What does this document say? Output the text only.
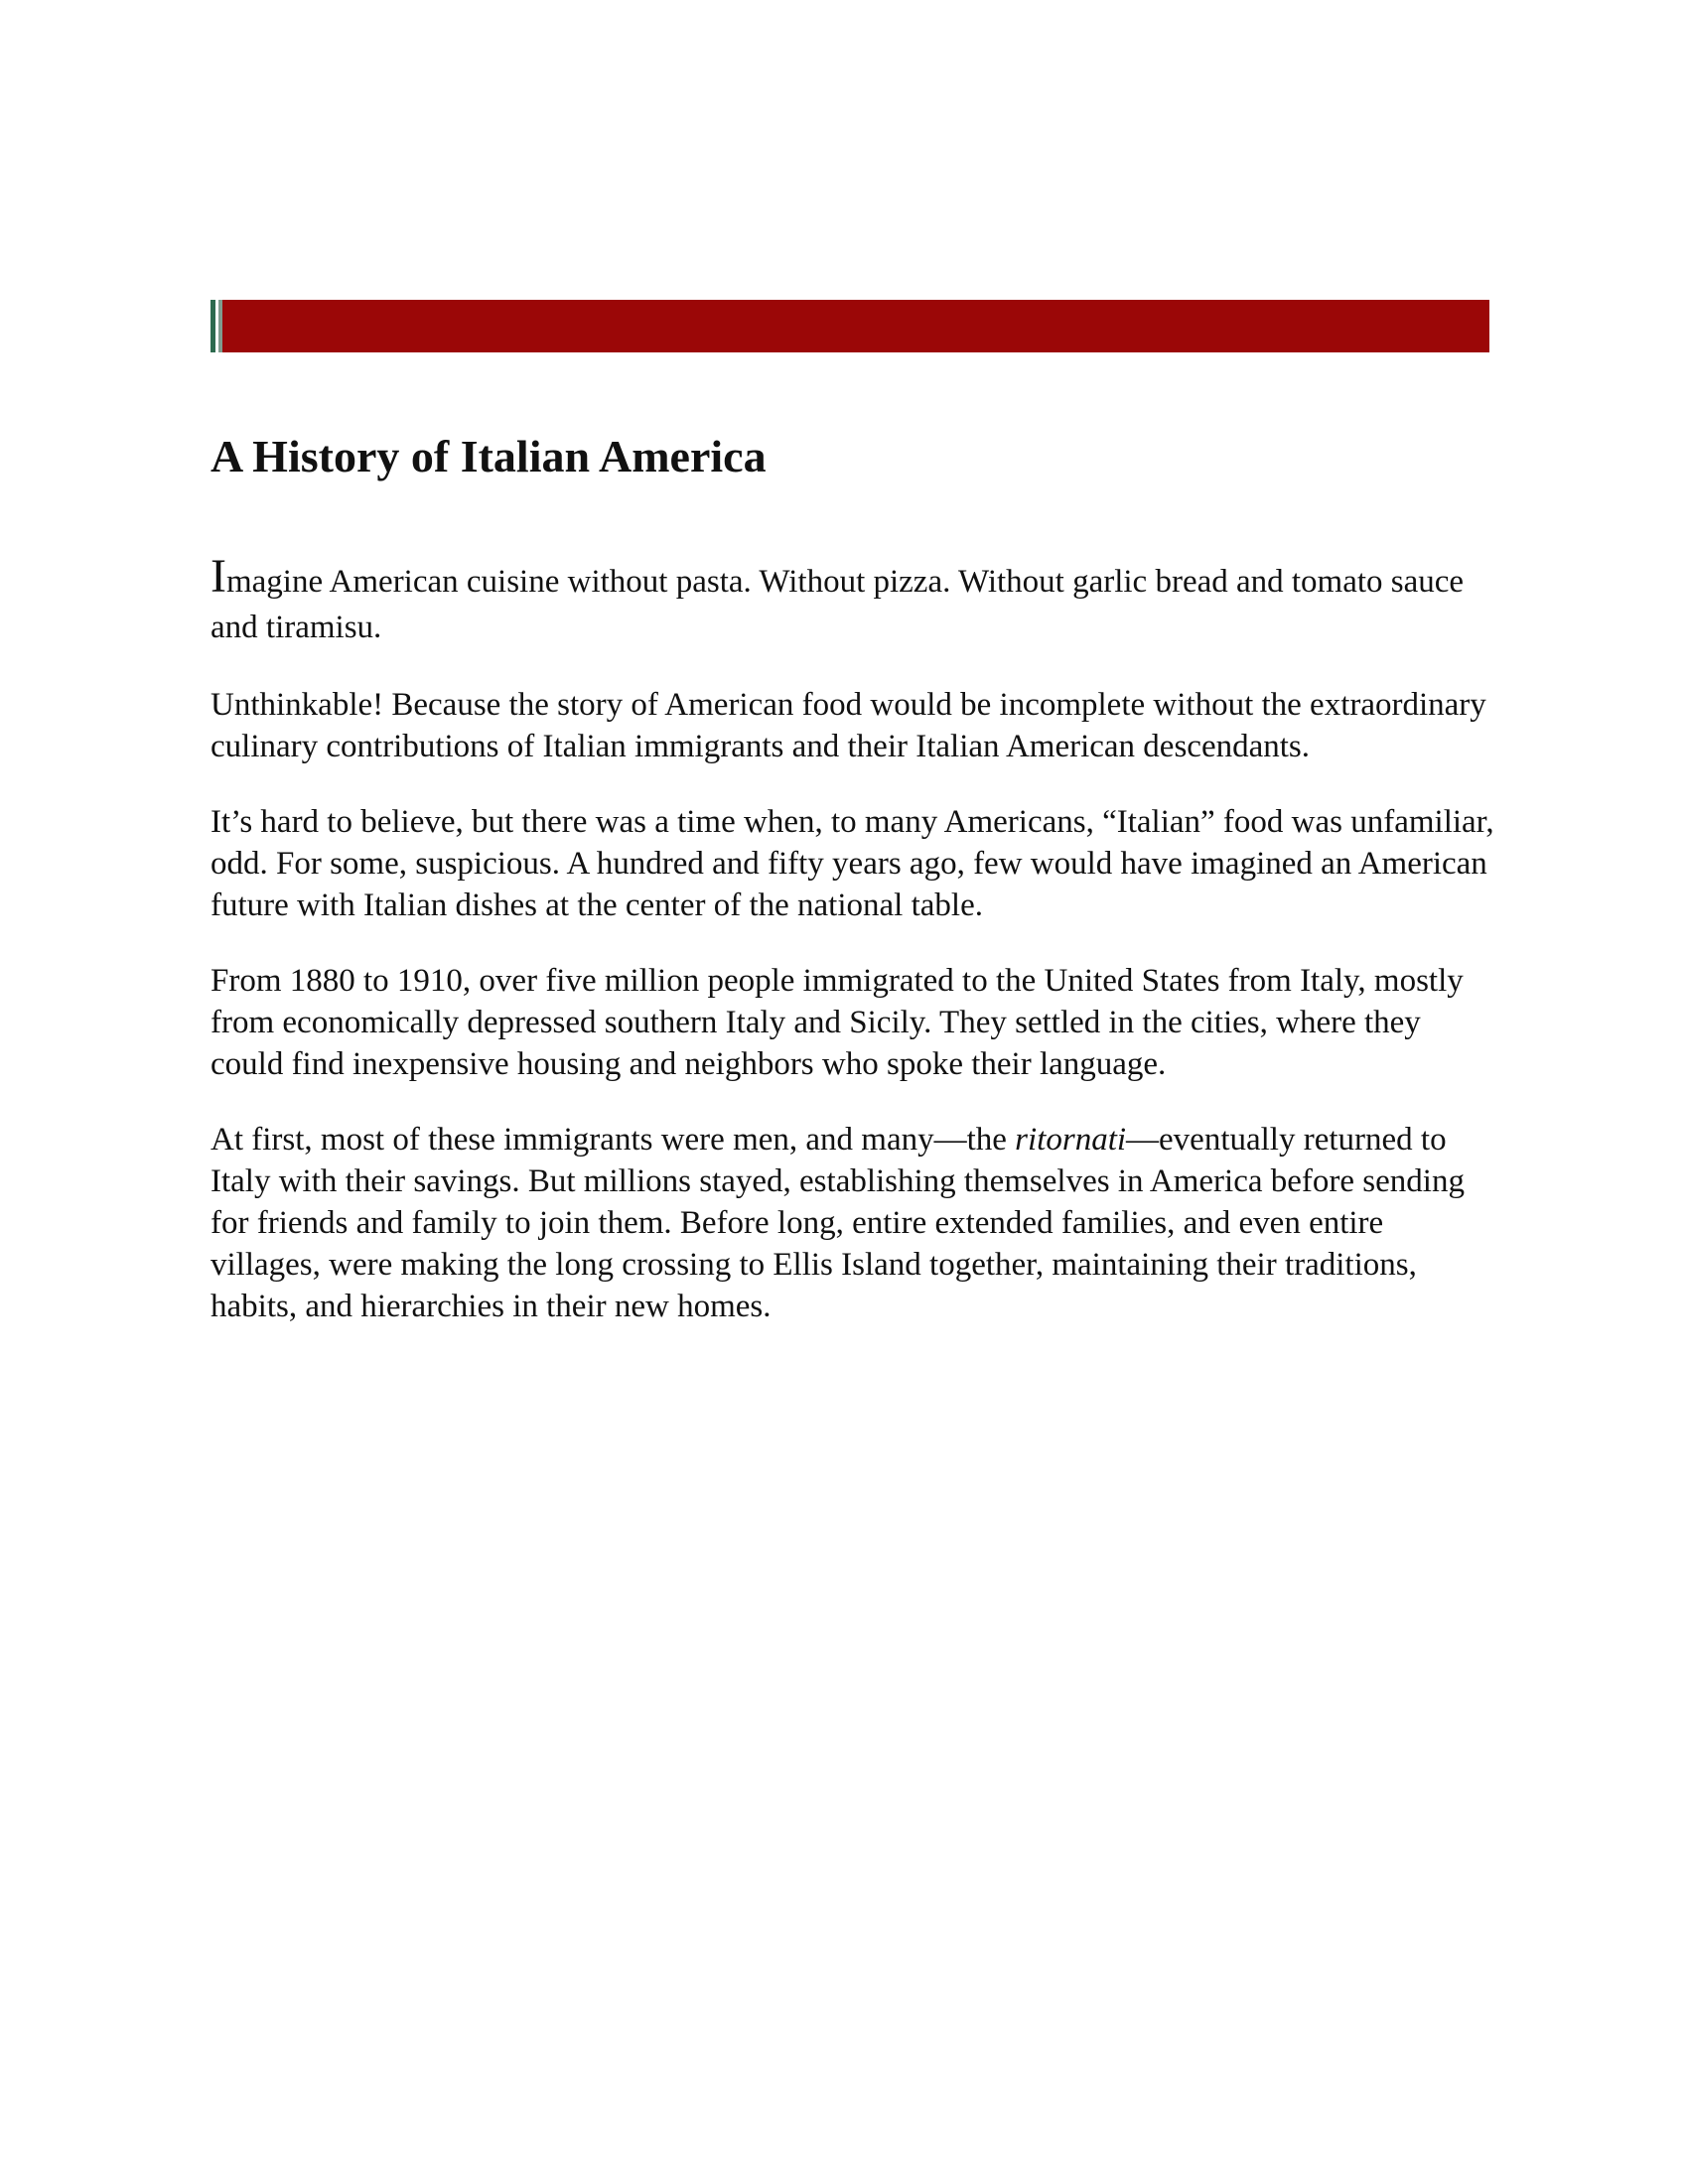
A History of Italian America

Imagine American cuisine without pasta. Without pizza. Without garlic bread and tomato sauce and tiramisu.

Unthinkable! Because the story of American food would be incomplete without the extraordinary culinary contributions of Italian immigrants and their Italian American descendants.

It’s hard to believe, but there was a time when, to many Americans, “Italian” food was unfamiliar, odd. For some, suspicious. A hundred and fifty years ago, few would have imagined an American future with Italian dishes at the center of the national table.

From 1880 to 1910, over five million people immigrated to the United States from Italy, mostly from economically depressed southern Italy and Sicily. They settled in the cities, where they could find inexpensive housing and neighbors who spoke their language.

At first, most of these immigrants were men, and many—the ritornati—eventually returned to Italy with their savings. But millions stayed, establishing themselves in America before sending for friends and family to join them. Before long, entire extended families, and even entire villages, were making the long crossing to Ellis Island together, maintaining their traditions, habits, and hierarchies in their new homes.
